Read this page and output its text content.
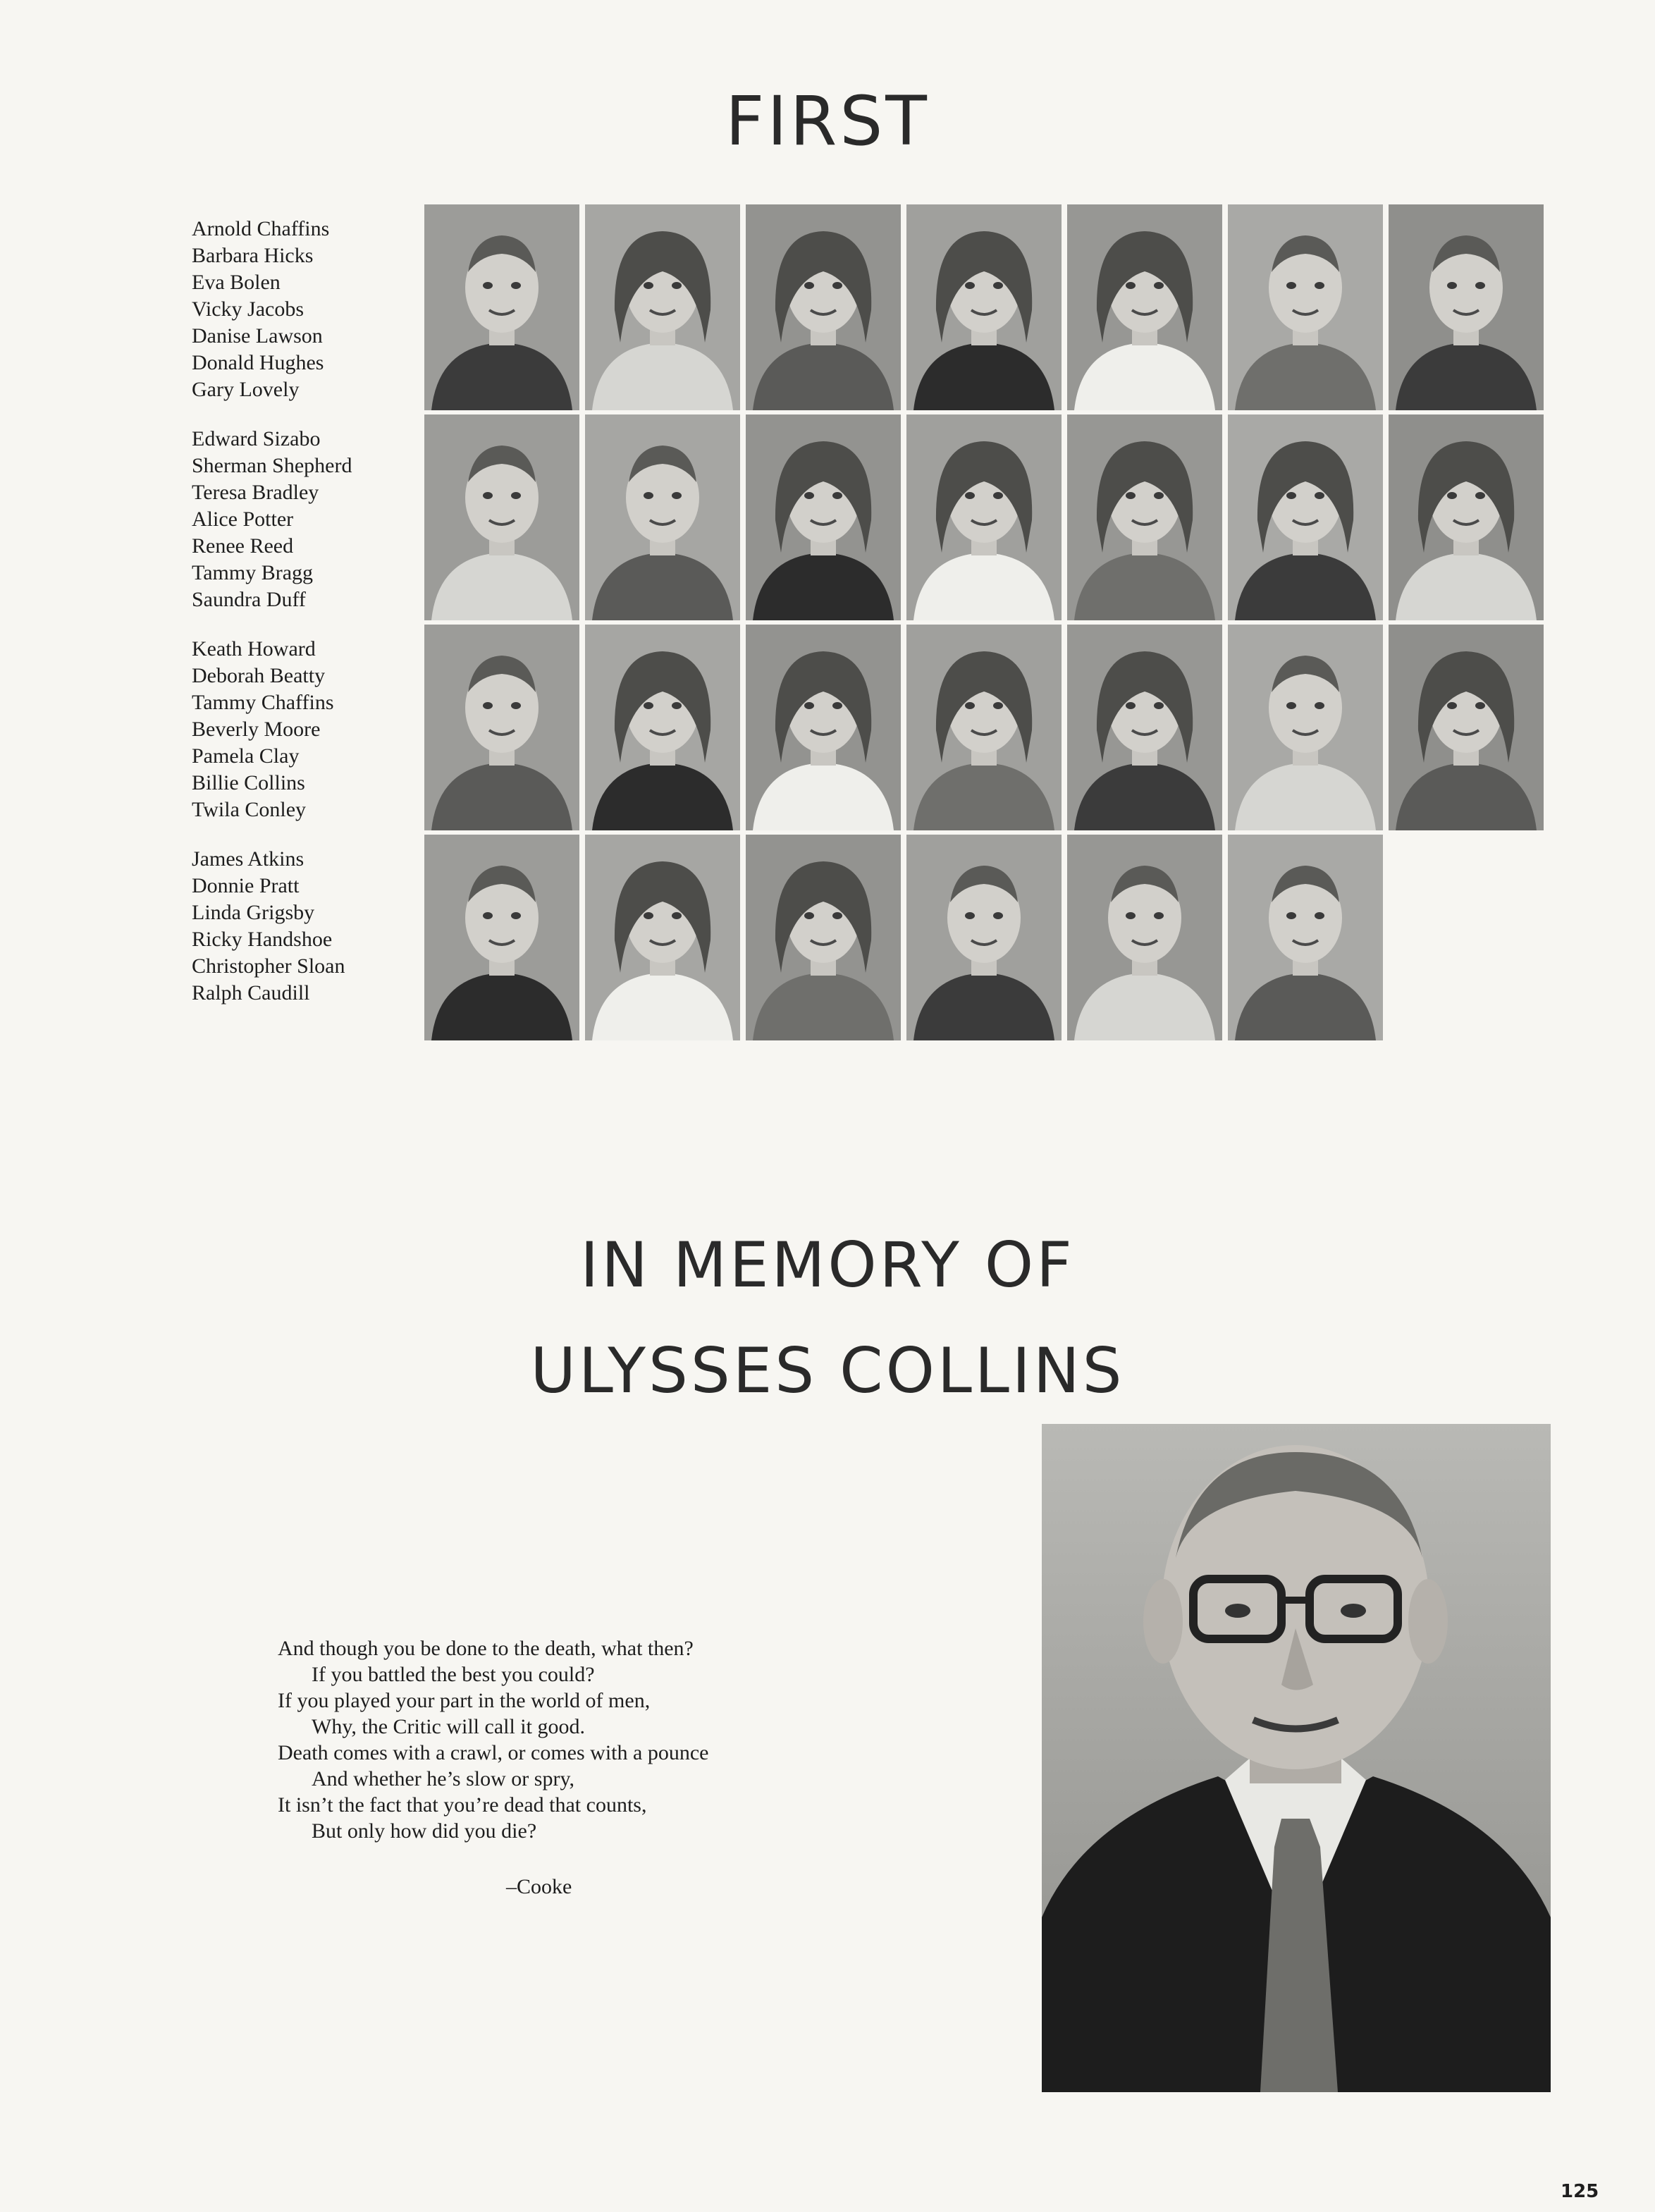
FIRST
Arnold Chaffins
Barbara Hicks
Eva Bolen
Vicky Jacobs
Danise Lawson
Donald Hughes
Gary Lovely
Edward Sizabo
Sherman Shepherd
Teresa Bradley
Alice Potter
Renee Reed
Tammy Bragg
Saundra Duff
Keath Howard
Deborah Beatty
Tammy Chaffins
Beverly Moore
Pamela Clay
Billie Collins
Twila Conley
James Atkins
Donnie Pratt
Linda Grigsby
Ricky Handshoe
Christopher Sloan
Ralph Caudill
IN MEMORY OF
ULYSSES COLLINS
And though you be done to the death, what then?
If you battled the best you could?
If you played your part in the world of men,
Why, the Critic will call it good.
Death comes with a crawl, or comes with a pounce
And whether he’s slow or spry,
It isn’t the fact that you’re dead that counts,
But only how did you die?
–Cooke
125
